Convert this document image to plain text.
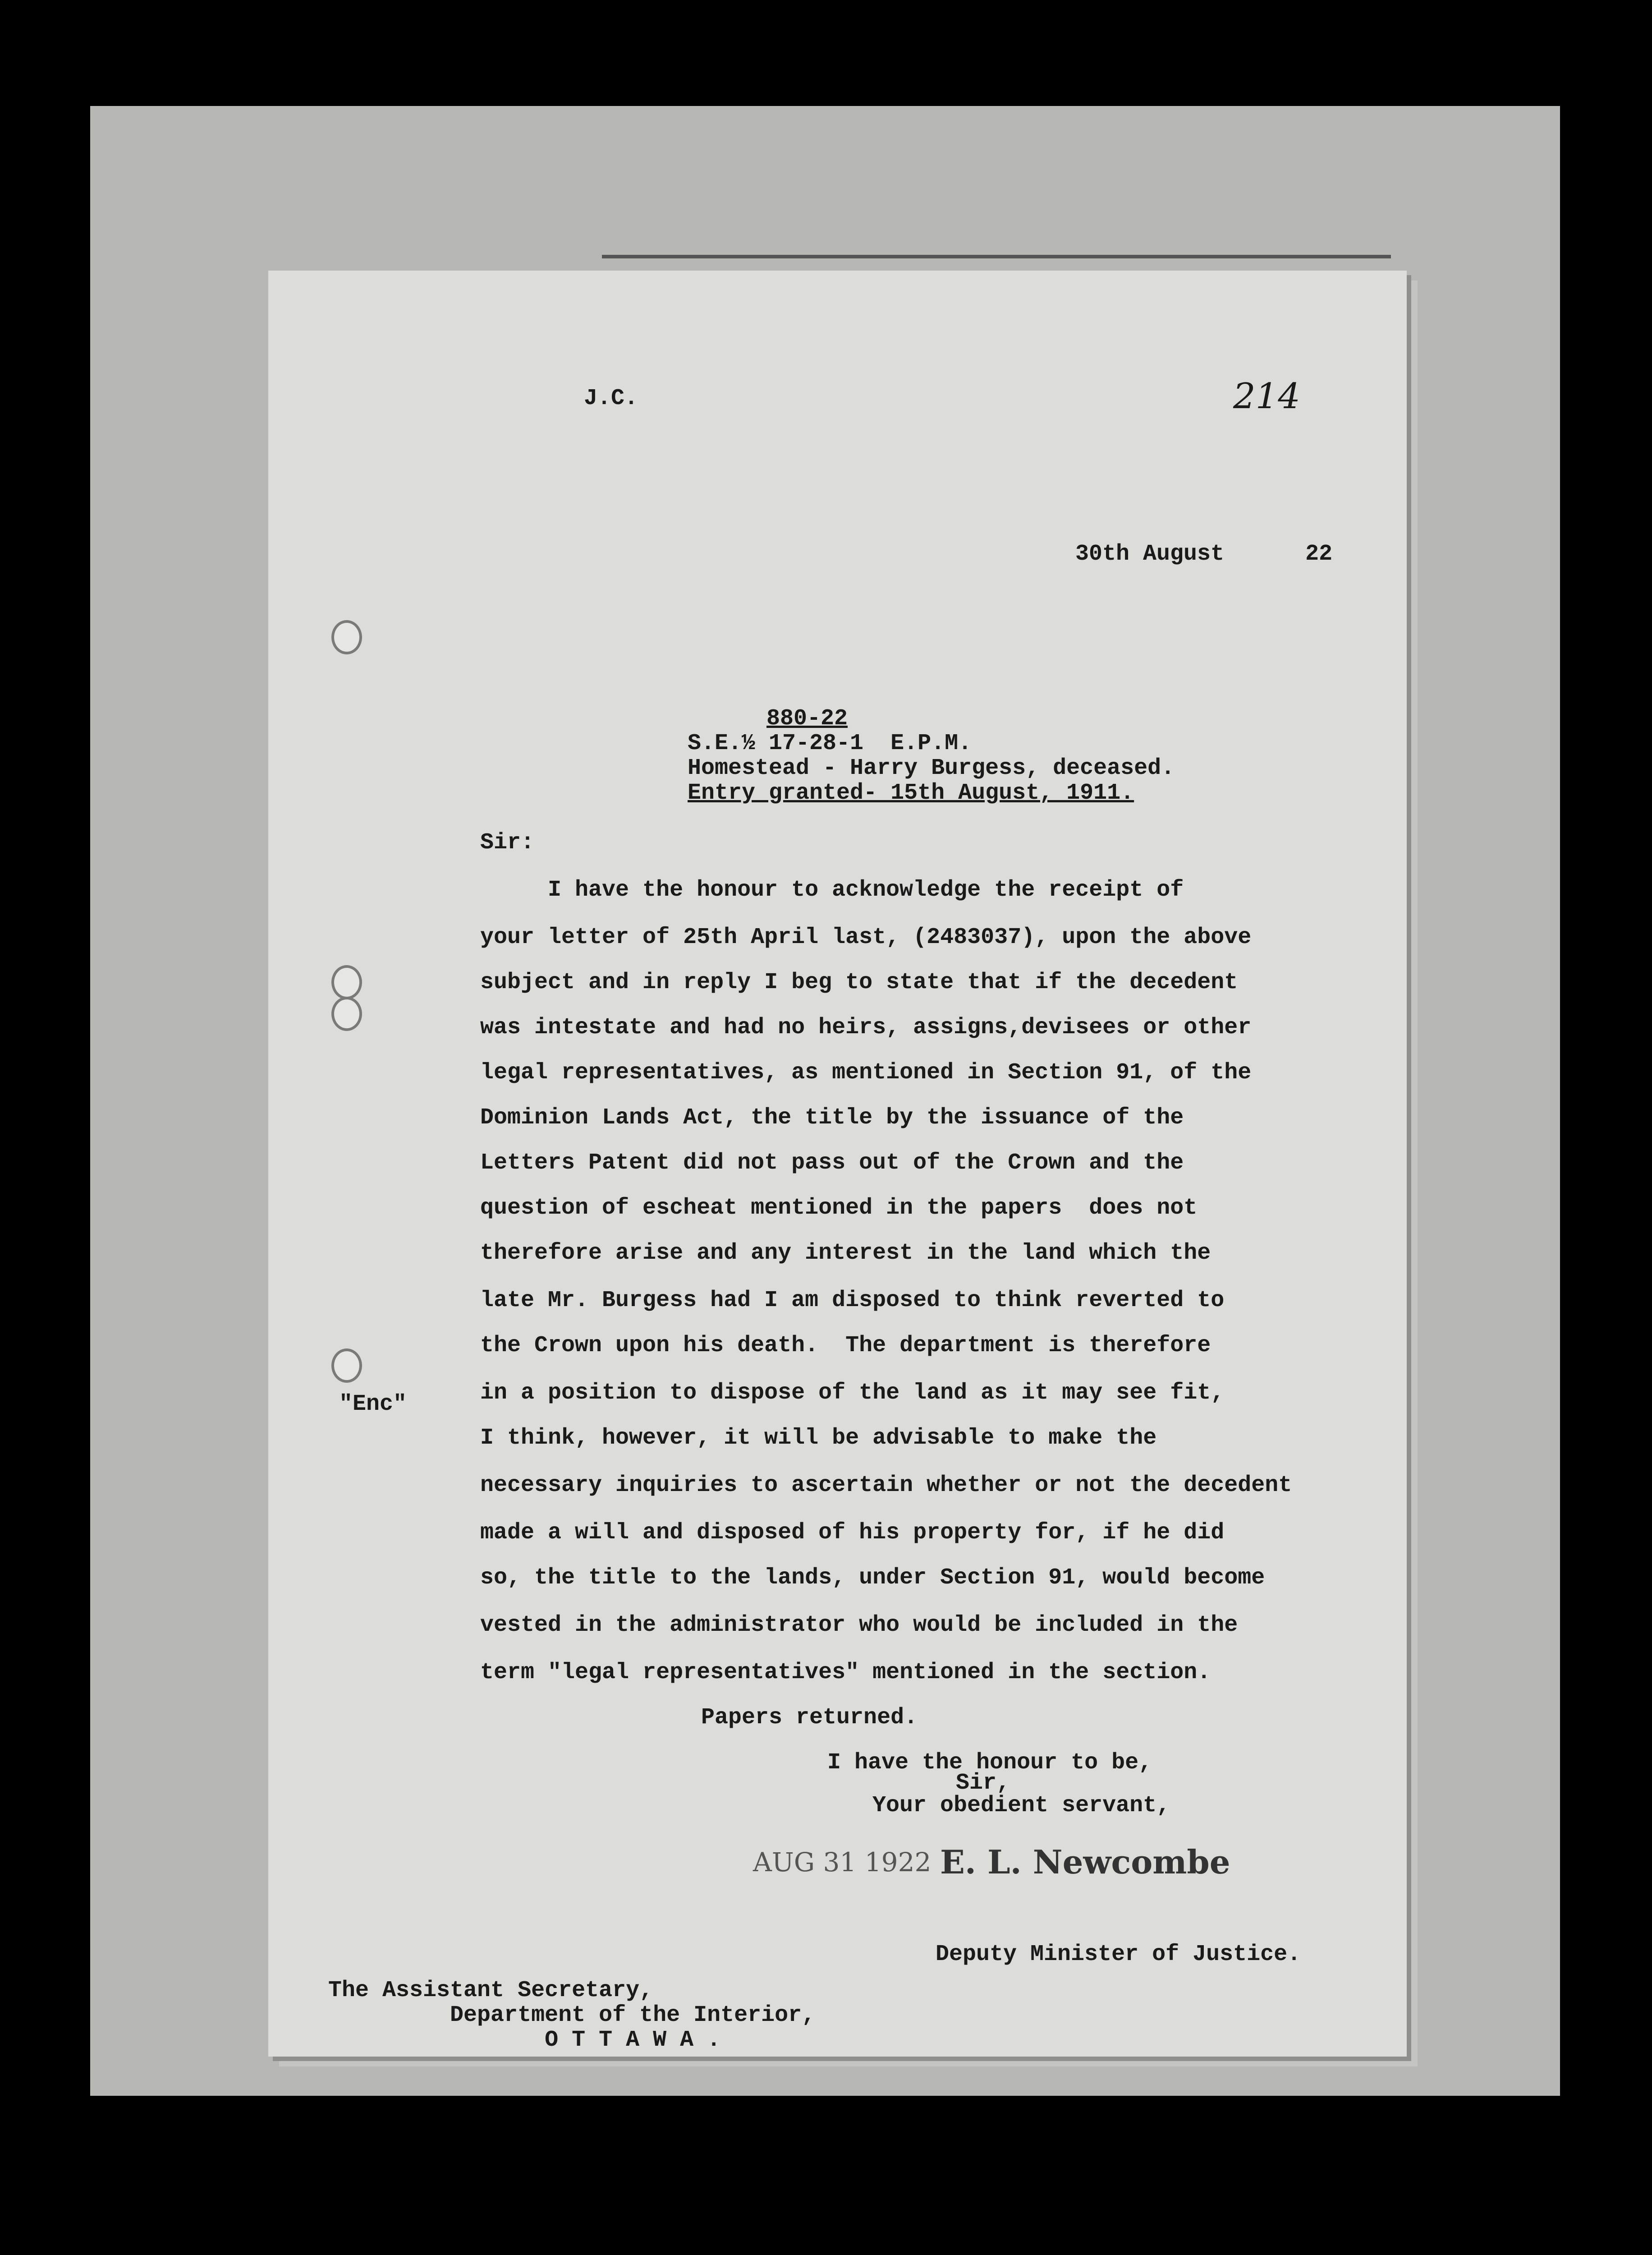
J.C.	214
30th August      22
880-22
S.E.½ 17-28-1  E.P.M.
Homestead - Harry Burgess, deceased.
Entry granted- 15th August, 1911.
Sir:
I have the honour to acknowledge the receipt of
your letter of 25th April last, (2483037), upon the above
subject and in reply I beg to state that if the decedent
was intestate and had no heirs, assigns,devisees or other
legal representatives, as mentioned in Section 91, of the
Dominion Lands Act, the title by the issuance of the
Letters Patent did not pass out of the Crown and the
question of escheat mentioned in the papers  does not
therefore arise and any interest in the land which the
late Mr. Burgess had I am disposed to think reverted to
the Crown upon his death.  The department is therefore
in a position to dispose of the land as it may see fit,
I think, however, it will be advisable to make the
necessary inquiries to ascertain whether or not the decedent
made a will and disposed of his property for, if he did
so, the title to the lands, under Section 91, would become
vested in the administrator who would be included in the
term "legal representatives" mentioned in the section.
"Enc"
Papers returned.
I have the honour to be,
Sir,
Your obedient servant,
AUG 31 1922 E. L. Newcombe
Deputy Minister of Justice.
The Assistant Secretary,
Department of the Interior,
O T T A W A .
